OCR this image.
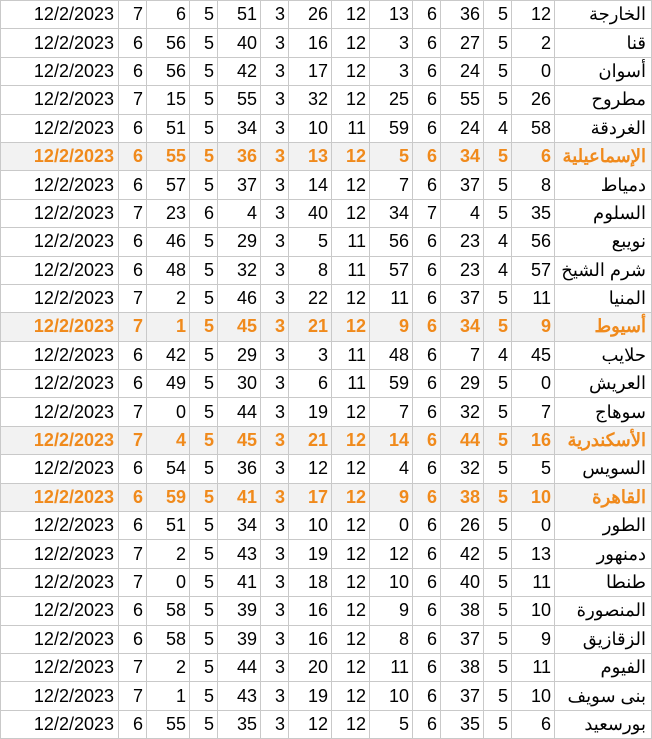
12/2/2023	7	6	5	51	3	26	12	13	6	36	5	12	الخارجة
12/2/2023	6	56	5	40	3	16	12	3	6	27	5	2	قنا
12/2/2023	6	56	5	42	3	17	12	3	6	24	5	0	أسوان
12/2/2023	7	15	5	55	3	32	12	25	6	55	5	26	مطروح
12/2/2023	6	51	5	34	3	10	11	59	6	24	4	58	الغردقة
12/2/2023	6	55	5	36	3	13	12	5	6	34	5	6	الإسماعيلية
12/2/2023	6	57	5	37	3	14	12	7	6	37	5	8	دمياط
12/2/2023	7	23	6	4	3	40	12	34	7	4	5	35	السلوم
12/2/2023	6	46	5	29	3	5	11	56	6	23	4	56	نويبع
12/2/2023	6	48	5	32	3	8	11	57	6	23	4	57	شرم الشيخ
12/2/2023	7	2	5	46	3	22	12	11	6	37	5	11	المنيا
12/2/2023	7	1	5	45	3	21	12	9	6	34	5	9	أسيوط
12/2/2023	6	42	5	29	3	3	11	48	6	7	4	45	حلايب
12/2/2023	6	49	5	30	3	6	11	59	6	29	5	0	العريش
12/2/2023	7	0	5	44	3	19	12	7	6	32	5	7	سوهاج
12/2/2023	7	4	5	45	3	21	12	14	6	44	5	16	الأسكندرية
12/2/2023	6	54	5	36	3	12	12	4	6	32	5	5	السويس
12/2/2023	6	59	5	41	3	17	12	9	6	38	5	10	القاهرة
12/2/2023	6	51	5	34	3	10	12	0	6	26	5	0	الطور
12/2/2023	7	2	5	43	3	19	12	12	6	42	5	13	دمنهور
12/2/2023	7	0	5	41	3	18	12	10	6	40	5	11	طنطا
12/2/2023	6	58	5	39	3	16	12	9	6	38	5	10	المنصورة
12/2/2023	6	58	5	39	3	16	12	8	6	37	5	9	الزقازيق
12/2/2023	7	2	5	44	3	20	12	11	6	38	5	11	الفيوم
12/2/2023	7	1	5	43	3	19	12	10	6	37	5	10	بنى سويف
12/2/2023	6	55	5	35	3	12	12	5	6	35	5	6	بورسعيد
